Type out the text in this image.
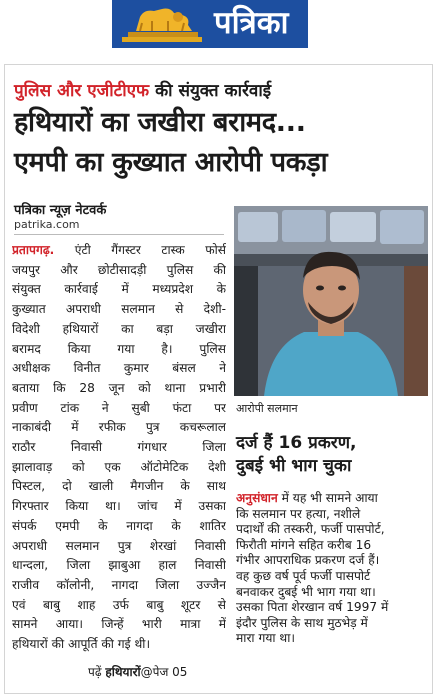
पत्रिका
पुलिस और एजीटीएफ की संयुक्त कार्रवाई
हथियारों का जखीरा बरामद...
एमपी का कुख्यात आरोपी पकड़ा
पत्रिका न्यूज़ नेटवर्क
patrika.com
प्रतापगढ़. एंटी गैंगस्टर टास्क फोर्स
जयपुर और छोटीसादड़ी पुलिस की
संयुक्त कार्रवाई में मध्यप्रदेश के
कुख्यात अपराधी सलमान से देशी-
विदेशी हथियारों का बड़ा जखीरा
बरामद किया गया है। पुलिस
अधीक्षक विनीत कुमार बंसल ने
बताया कि 28 जून को थाना प्रभारी
प्रवीण टांक ने सुबी फंटा पर
नाकाबंदी में रफीक पुत्र कचरूलाल
राठौर निवासी गंगधार जिला
झालावाड़ को एक ऑटोमेटिक देशी
पिस्टल, दो खाली मैगजीन के साथ
गिरफ्तार किया था। जांच में उसका
संपर्क एमपी के नागदा के शातिर
अपराधी सलमान पुत्र शेरखां निवासी
धान्दला, जिला झाबुआ हाल निवासी
राजीव कॉलोनी, नागदा जिला उज्जैन
एवं बाबु शाह उर्फ बाबु शूटर से
सामने आया। जिन्हें भारी मात्रा में
हथियारों की आपूर्ति की गई थी।
पढ़ें हथियारों@पेज 05
आरोपी सलमान
दर्ज हैं 16 प्रकरण,
दुबई भी भाग चुका
अनुसंधान में यह भी सामने आया
कि सलमान पर हत्या, नशीले
पदार्थों की तस्करी, फर्जी पासपोर्ट,
फिरौती मांगने सहित करीब 16
गंभीर आपराधिक प्रकरण दर्ज हैं।
वह कुछ वर्ष पूर्व फर्जी पासपोर्ट
बनवाकर दुबई भी भाग गया था।
उसका पिता शेरखान वर्ष 1997 में
इंदौर पुलिस के साथ मुठभेड़ में
मारा गया था।
